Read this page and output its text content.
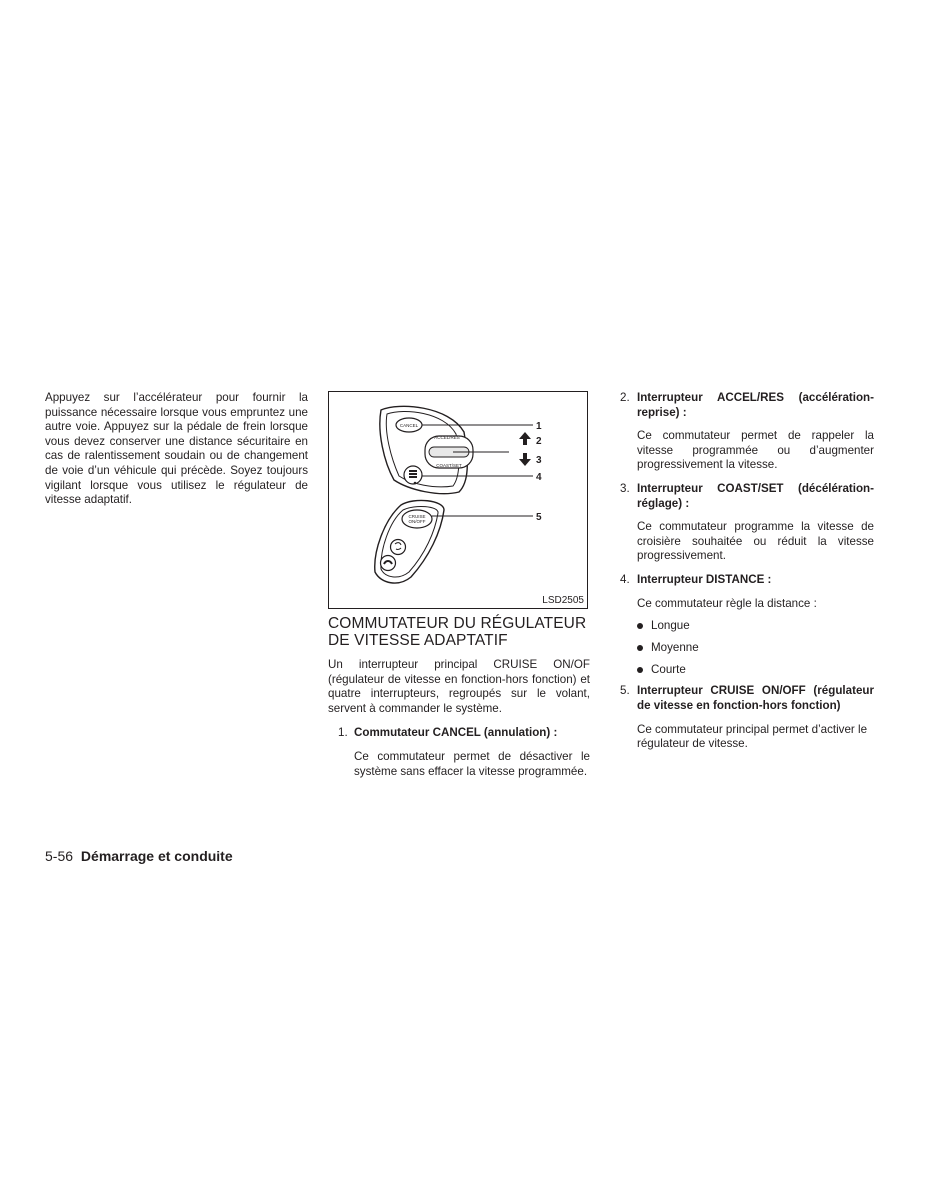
Appuyez sur l’accélérateur pour fournir la puissance nécessaire lorsque vous empruntez une autre voie. Appuyez sur la pédale de frein lorsque vous devez conserver une distance sécuritaire en cas de ralentissement soudain ou de changement de voie d’un véhicule qui précède. Soyez toujours vigilant lorsque vous utilisez le régulateur de vitesse adaptatif.
CANCEL
ACCEL/RES
COAST/SET
1
2
3
4
CRUISE
ON/OFF	5
LSD2505
COMMUTATEUR DU RÉGULATEUR
DE VITESSE ADAPTATIF
Un interrupteur principal CRUISE ON/OF (régulateur de vitesse en fonction-hors fonction) et quatre interrupteurs, regroupés sur le volant, servent à commander le système.
1. Commutateur CANCEL (annulation) :
Ce commutateur permet de désactiver le système sans effacer la vitesse programmée.
2. Interrupteur ACCEL/RES (accélération-reprise) :
Ce commutateur permet de rappeler la vitesse programmée ou d’augmenter progressivement la vitesse.
3. Interrupteur COAST/SET (décélération-réglage) :
Ce commutateur programme la vitesse de croisière souhaitée ou réduit la vitesse progressivement.
4. Interrupteur DISTANCE :
Ce commutateur règle la distance :
Longue
Moyenne
Courte
5. Interrupteur CRUISE ON/OFF (régulateur de vitesse en fonction-hors fonction)
Ce commutateur principal permet d’activer le régulateur de vitesse.
5-56 Démarrage et conduite
